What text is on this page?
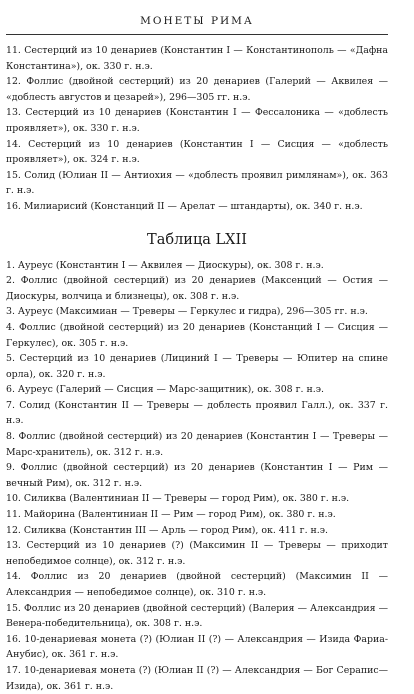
МОНЕТЫ РИМА
11. Сестерций из 10 денариев (Константин I — Константинополь — «Дафна Константина»), ок. 330 г. н.э.
12. Фоллис (двойной сестерций) из 20 денариев (Галерий — Аквилея — «доблесть августов и цезарей»), 296—305 гг. н.э.
13. Сестерций из 10 денариев (Константин I — Фессалоника — «доблесть проявляет»), ок. 330 г. н.э.
14. Сестерций из 10 денариев (Константин I — Сисция — «доблесть проявляет»), ок. 324 г. н.э.
15. Солид (Юлиан II — Антиохия — «доблесть проявил римлянам»), ок. 363 г. н.э.
16. Милиарисий (Констанций II — Арелат — штандарты), ок. 340 г. н.э.
Таблица LXII
1. Ауреус (Константин I — Аквилея — Диоскуры), ок. 308 г. н.э.
2. Фоллис (двойной сестерций) из 20 денариев (Максенций — Остия — Диоскуры, волчица и близнецы), ок. 308 г. н.э.
3. Ауреус (Максимиан — Треверы — Геркулес и гидра), 296—305 гг. н.э.
4. Фоллис (двойной сестерций) из 20 денариев (Констанций I — Сисция — Геркулес), ок. 305 г. н.э.
5. Сестерций из 10 денариев (Лициний I — Треверы — Юпитер на спине орла), ок. 320 г. н.э.
6. Ауреус (Галерий — Сисция — Марс-защитник), ок. 308 г. н.э.
7. Солид (Константин II — Треверы — доблесть проявил Галл.), ок. 337 г. н.э.
8. Фоллис (двойной сестерций) из 20 денариев (Константин I — Треверы — Марс-хранитель), ок. 312 г. н.э.
9. Фоллис (двойной сестерций) из 20 денариев (Константин I — Рим — вечный Рим), ок. 312 г. н.э.
10. Силиква (Валентиниан II — Треверы — город Рим), ок. 380 г. н.э.
11. Майорина (Валентиниан II — Рим — город Рим), ок. 380 г. н.э.
12. Силиква (Константин III — Арль — город Рим), ок. 411 г. н.э.
13. Сестерций из 10 денариев (?) (Максимин II — Треверы — приходит непобедимое солнце), ок. 312 г. н.э.
14. Фоллис из 20 денариев (двойной сестерций) (Максимин II — Александрия — непобедимое солнце), ок. 310 г. н.э.
15. Фоллис из 20 денариев (двойной сестерций) (Валерия — Александрия — Венера-победительница), ок. 308 г. н.э.
16. 10-денариевая монета (?) (Юлиан II (?) — Александрия — Изида Фариа-Анубис), ок. 361 г. н.э.
17. 10-денариевая монета (?) (Юлиан II (?) — Александрия — Бог Серапис—Изида), ок. 361 г. н.э.
